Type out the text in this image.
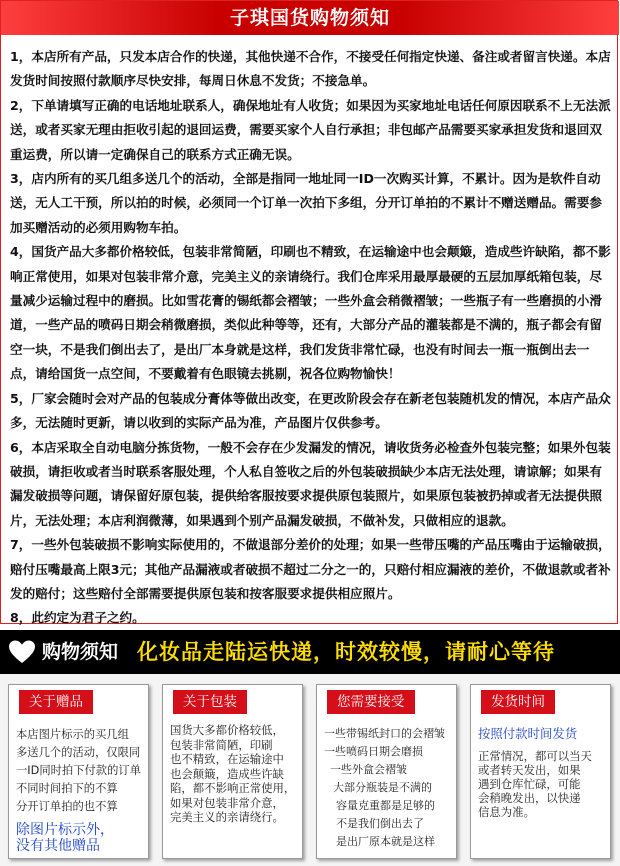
子琪国货购物须知

1，本店所有产品，只发本店合作的快递，其他快递不合作，不接受任何指定快递、备注或者留言快递。本店发货时间按照付款顺序尽快安排，每周日休息不发货；不接急单。

2，下单请填写正确的电话地址联系人，确保地址有人收货；如果因为买家地址电话任何原因联系不上无法派送，或者买家无理由拒收引起的退回运费，需要买家个人自行承担；非包邮产品需要买家承担发货和退回双重运费，所以请一定确保自己的联系方式正确无误。

3，店内所有的买几组多送几个的活动，全部是指同一地址同一ID一次购买计算，不累计。因为是软件自动送，无人工干预，所以拍的时候，必须同一个订单一次拍下多组，分开订单拍的不累计不赠送赠品。需要参加买赠活动的必须用购物车拍。

4，国货产品大多都价格较低，包装非常简陋，印刷也不精致，在运输途中也会颠簸，造成些许缺陷，都不影响正常使用，如果对包装非常介意，完美主义的亲请绕行。我们仓库采用最厚最硬的五层加厚纸箱包装，尽量减少运输过程中的磨损。比如雪花膏的锡纸都会褶皱；一些外盒会稍微褶皱；一些瓶子有一些磨损的小滑道，一些产品的喷码日期会稍微磨损，类似此种等等，还有，大部分产品的灌装都是不满的，瓶子都会有留空一块，不是我们倒出去了，是出厂本身就是这样，我们发货非常忙碌，也没有时间去一瓶一瓶倒出去一点，请给国货一点空间，不要戴着有色眼镜去挑剔，祝各位购物愉快！

5，厂家会随时会对产品的包装成分膏体等做出改变，在更改阶段会存在新老包装随机发的情况，本店产品众多，无法随时更新，请以收到的实际产品为准，产品图片仅供参考。

6，本店采取全自动电脑分拣货物，一般不会存在少发漏发的情况，请收货务必检查外包装完整；如果外包装破损，请拒收或者当时联系客服处理，个人私自签收之后的外包装破损缺少本店无法处理，请谅解；如果有漏发破损等问题，请保留好原包装，提供给客服按要求提供原包装照片，如果原包装被扔掉或者无法提供照片，无法处理；本店利润微薄，如果遇到个别产品漏发破损，不做补发，只做相应的退款。

7，一些外包装破损不影响实际使用的，不做退部分差价的处理；如果一些带压嘴的产品压嘴由于运输破损，赔付压嘴最高上限3元；其他产品漏液或者破损不超过二分之一的，只赔付相应漏液的差价，不做退款或者补发的赔付；这些赔付全部需要提供原包装和按客服要求提供相应照片。

8，此约定为君子之约。

购物须知 化妆品走陆运快递，时效较慢，请耐心等待
关于赠品

本店图片标示的买几组

多送几个的活动，仅限同

一ID同时拍下付款的订单

不同时间拍下的不算

分开订单拍的也不算

除图片标示外，

没有其他赠品

关于包装

国货大多都价格较低，

包装非常简陋，印刷

也不精致，在运输途中

也会颠簸，造成些许缺

陷，都不影响正常使用，

如果对包装非常介意，

完美主义的亲请绕行。

您需要接受

一些带锡纸封口的会褶皱

一些喷码日期会磨损

一些外盒会褶皱

大部分瓶装是不满的

容量克重都是足够的

不是我们倒出去了

是出厂原本就是这样

发货时间

按照付款时间发货

正常情况，都可以当天

或者转天发出，如果

遇到仓库忙碌，可能

会稍晚发出，以快递

信息为准。
